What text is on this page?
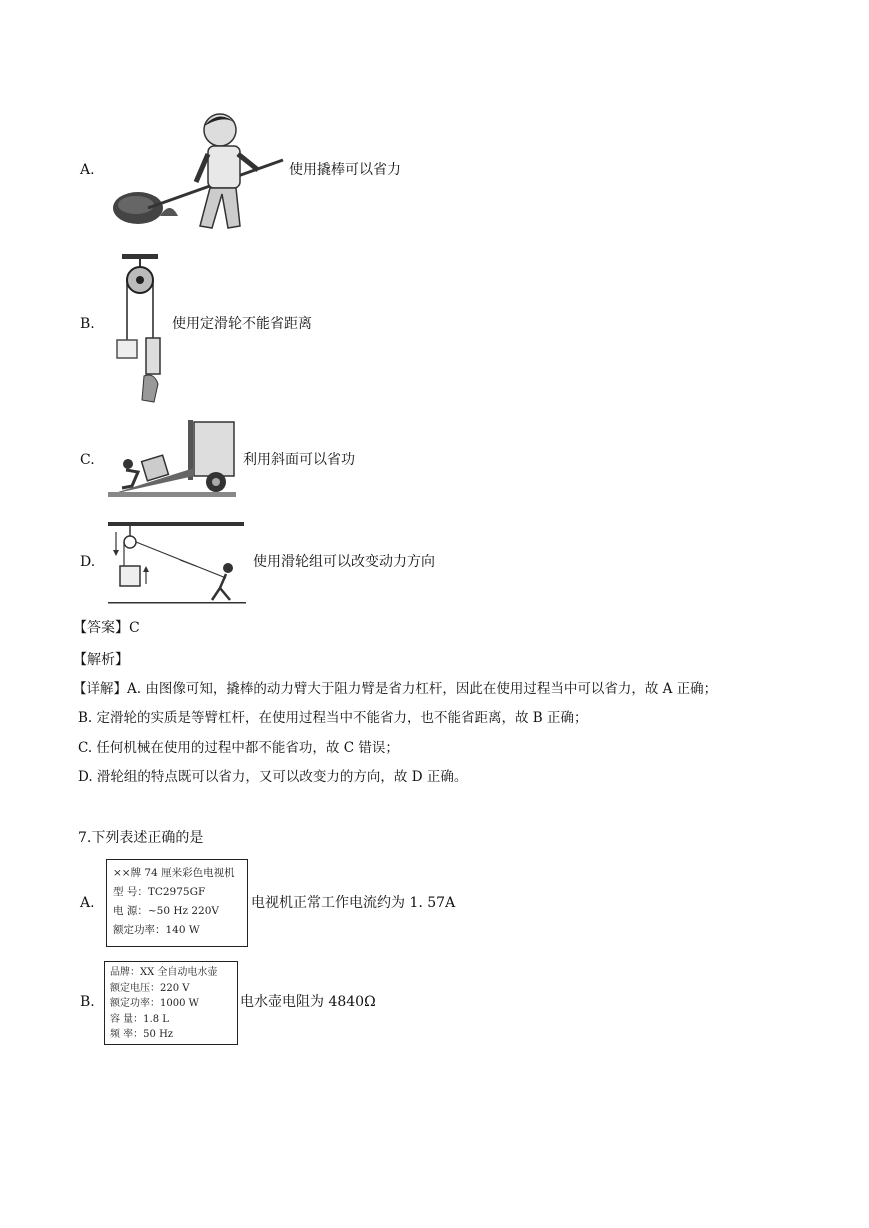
A.	使用撬棒可以省力
B.	使用定滑轮不能省距离
C.	利用斜面可以省功
D.	使用滑轮组可以改变动力方向
【答案】C
【解析】
【详解】A. 由图像可知，撬棒的动力臂大于阻力臂是省力杠杆，因此在使用过程当中可以省力，故 A 正确；
B. 定滑轮的实质是等臂杠杆，在使用过程当中不能省力，也不能省距离，故 B 正确；
C. 任何机械在使用的过程中都不能省功，故 C 错误；
D. 滑轮组的特点既可以省力，又可以改变力的方向，故 D 正确。
7.下列表述正确的是
A.
××牌 74 厘米彩色电视机
型 号：TC2975GF
电 源：~50 Hz 220V
额定功率：140 W
电视机正常工作电流约为 1. 57A
B.
品牌：XX 全自动电水壶
额定电压：220 V
额定功率：1000 W
容 量：1.8 L
频 率：50 Hz
电水壶电阻为 4840Ω
